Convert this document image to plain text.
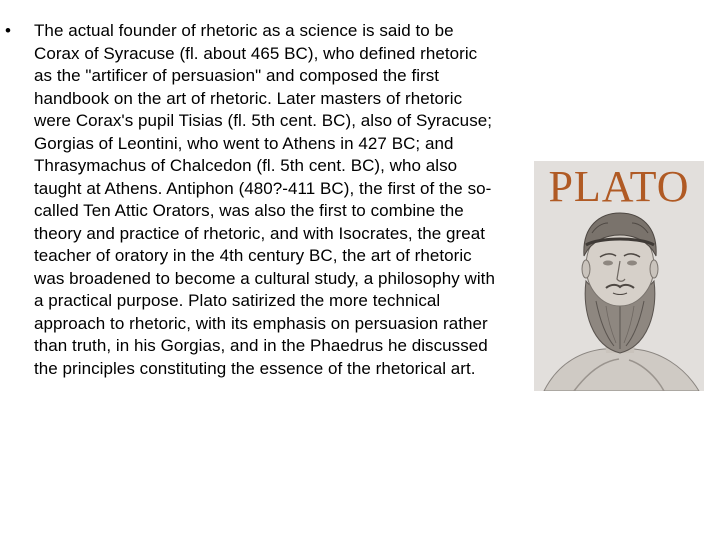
•	The actual founder of rhetoric as a science is said to be Corax of Syracuse (fl. about 465 BC), who defined rhetoric as the "artificer of persuasion" and composed the first handbook on the art of rhetoric. Later masters of rhetoric were Corax's pupil Tisias (fl. 5th cent. BC), also of Syracuse; Gorgias of Leontini, who went to Athens in 427 BC; and Thrasymachus of Chalcedon (fl. 5th cent. BC), who also taught at Athens. Antiphon (480?-411 BC), the first of the so-called Ten Attic Orators, was also the first to combine the theory and practice of rhetoric, and with Isocrates, the great teacher of oratory in the 4th century BC, the art of rhetoric was broadened to become a cultural study, a philosophy with a practical purpose. Plato satirized the more technical approach to rhetoric, with its emphasis on persuasion rather than truth, in his Gorgias, and in the Phaedrus he discussed the principles constituting the essence of the rhetorical art.

PLATO
